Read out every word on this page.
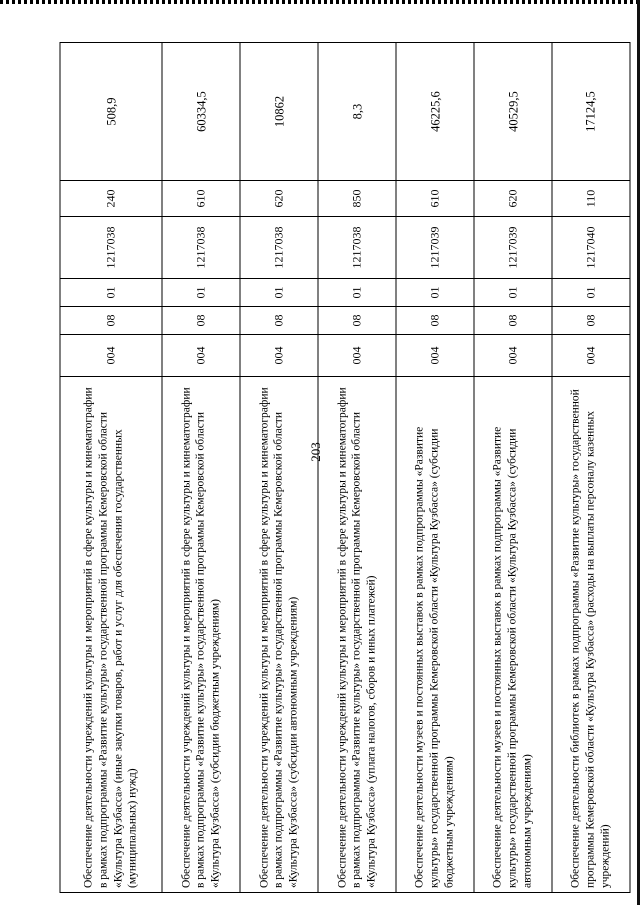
203
Обеспечение деятельности учреждений культуры и мероприятий в сфере культуры и кинематографии в рамках подпрограммы «Развитие культуры» государственной программы Кемеровской области «Культура Кузбасса» (иные закупки товаров, работ и услуг для обеспечения государственных (муниципальных) нужд)	004	08	01	1217038	240	508,9
Обеспечение деятельности учреждений культуры и мероприятий в сфере культуры и кинематографии в рамках подпрограммы «Развитие культуры» государственной программы Кемеровской области «Культура Кузбасса» (субсидии бюджетным учреждениям)	004	08	01	1217038	610	60334,5
Обеспечение деятельности учреждений культуры и мероприятий в сфере культуры и кинематографии в рамках подпрограммы «Развитие культуры» государственной программы Кемеровской области «Культура Кузбасса» (субсидии автономным учреждениям)	004	08	01	1217038	620	10862
Обеспечение деятельности учреждений культуры и мероприятий в сфере культуры и кинематографии в рамках подпрограммы «Развитие культуры» государственной программы Кемеровской области «Культура Кузбасса» (уплата налогов, сборов и иных платежей)	004	08	01	1217038	850	8,3
Обеспечение деятельности музеев и постоянных выставок в рамках подпрограммы «Развитие культуры» государственной программы Кемеровской области «Культура Кузбасса» (субсидии бюджетным учреждениям)	004	08	01	1217039	610	46225,6
Обеспечение деятельности музеев и постоянных выставок в рамках подпрограммы «Развитие культуры» государственной программы Кемеровской области «Культура Кузбасса» (субсидии автономным учреждениям)	004	08	01	1217039	620	40529,5
Обеспечение деятельности библиотек в рамках подпрограммы «Развитие культуры» государственной программы Кемеровской области «Культура Кузбасса» (расходы на выплаты персоналу казенных учреждений)	004	08	01	1217040	110	17124,5
